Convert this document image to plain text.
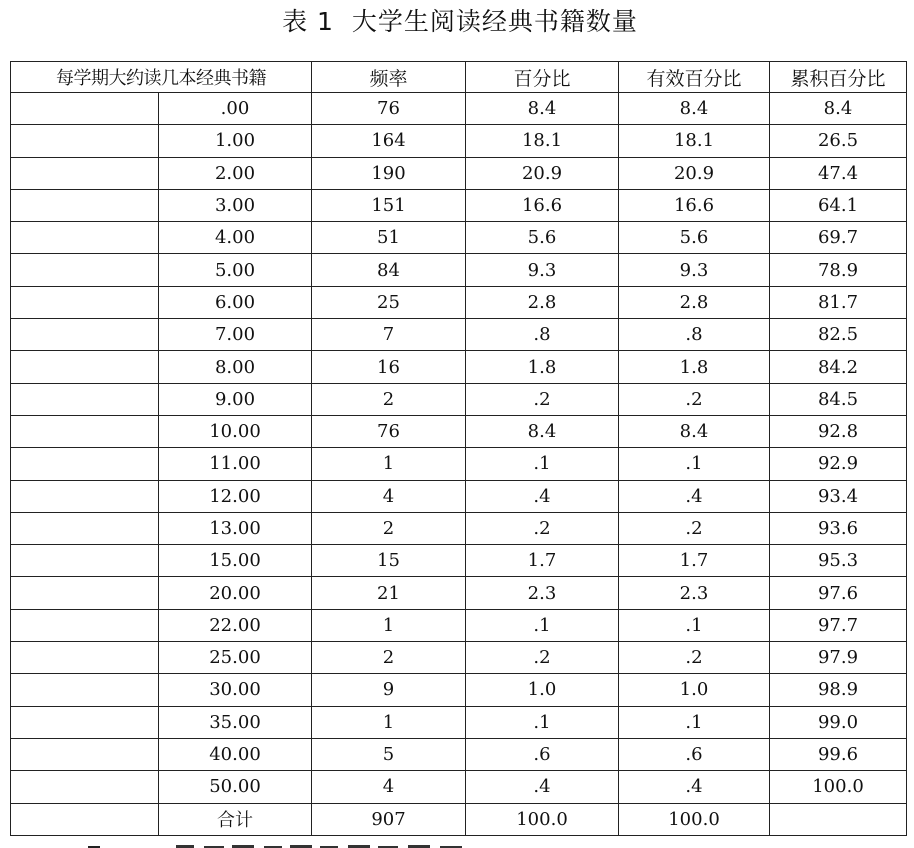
表 1 大学生阅读经典书籍数量
每学期大约读几本经典书籍		频率	百分比	有效百分比	累积百分比
	.00	76	8.4	8.4	8.4
	1.00	164	18.1	18.1	26.5
	2.00	190	20.9	20.9	47.4
	3.00	151	16.6	16.6	64.1
	4.00	51	5.6	5.6	69.7
	5.00	84	9.3	9.3	78.9
	6.00	25	2.8	2.8	81.7
	7.00	7	.8	.8	82.5
	8.00	16	1.8	1.8	84.2
	9.00	2	.2	.2	84.5
	10.00	76	8.4	8.4	92.8
	11.00	1	.1	.1	92.9
	12.00	4	.4	.4	93.4
	13.00	2	.2	.2	93.6
	15.00	15	1.7	1.7	95.3
	20.00	21	2.3	2.3	97.6
	22.00	1	.1	.1	97.7
	25.00	2	.2	.2	97.9
	30.00	9	1.0	1.0	98.9
	35.00	1	.1	.1	99.0
	40.00	5	.6	.6	99.6
	50.00	4	.4	.4	100.0
	合计	907	100.0	100.0	
